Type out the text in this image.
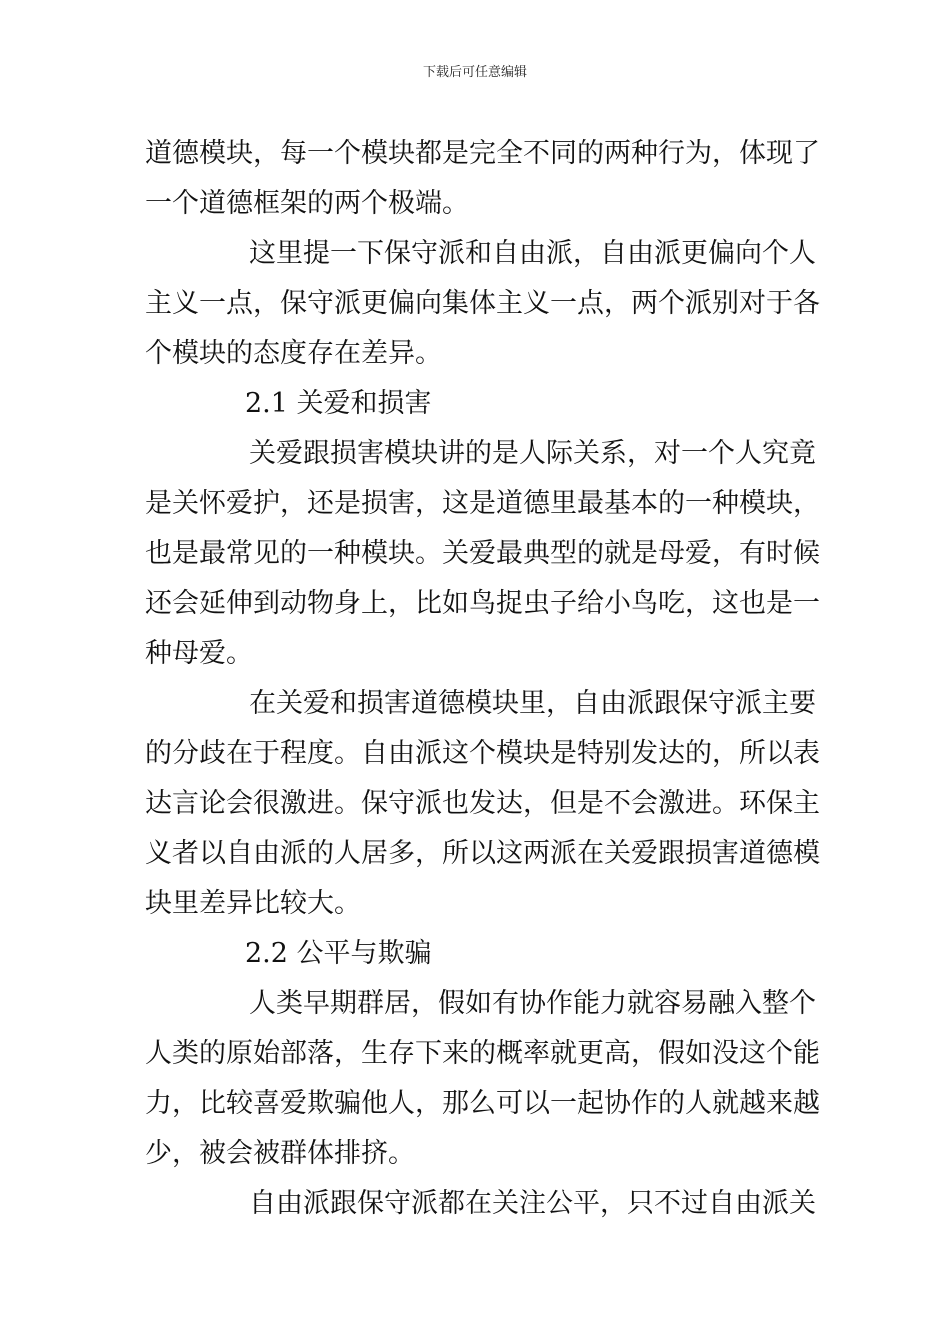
下载后可任意编辑
道德模块，每一个模块都是完全不同的两种行为，体现了
一个道德框架的两个极端。
这里提一下保守派和自由派，自由派更偏向个人
主义一点，保守派更偏向集体主义一点，两个派别对于各
个模块的态度存在差异。
2.1 关爱和损害
关爱跟损害模块讲的是人际关系，对一个人究竟
是关怀爱护，还是损害，这是道德里最基本的一种模块，
也是最常见的一种模块。关爱最典型的就是母爱，有时候
还会延伸到动物身上，比如鸟捉虫子给小鸟吃，这也是一
种母爱。
在关爱和损害道德模块里，自由派跟保守派主要
的分歧在于程度。自由派这个模块是特别发达的，所以表
达言论会很激进。保守派也发达，但是不会激进。环保主
义者以自由派的人居多，所以这两派在关爱跟损害道德模
块里差异比较大。
2.2 公平与欺骗
人类早期群居，假如有协作能力就容易融入整个
人类的原始部落，生存下来的概率就更高，假如没这个能
力，比较喜爱欺骗他人，那么可以一起协作的人就越来越
少，被会被群体排挤。
自由派跟保守派都在关注公平，只不过自由派关
